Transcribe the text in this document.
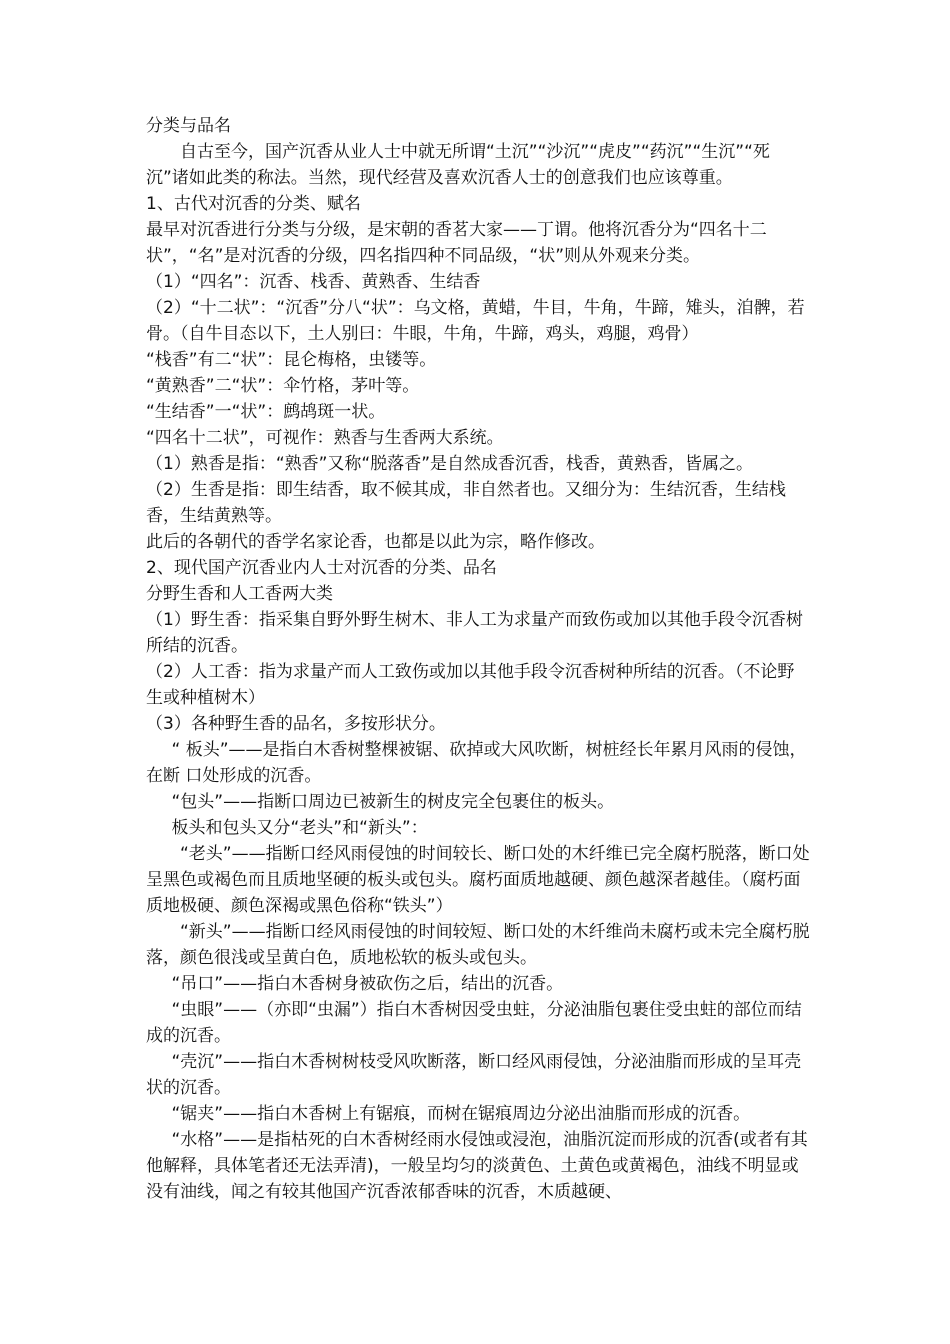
分类与品名

自古至今，国产沉香从业人士中就无所谓“土沉”“沙沉”“虎皮”“药沉”“生沉”“死沉”诸如此类的称法。当然，现代经营及喜欢沉香人士的创意我们也应该尊重。

1、古代对沉香的分类、赋名

最早对沉香进行分类与分级，是宋朝的香茗大家——丁谓。他将沉香分为“四名十二状”，“名”是对沉香的分级，四名指四种不同品级，“状”则从外观来分类。

（1）“四名”：沉香、栈香、黄熟香、生结香

（2）“十二状”：“沉香”分八“状”：乌文格，黄蜡，牛目，牛角，牛蹄，雉头，洎髀，若骨。（自牛目态以下，土人别曰：牛眼，牛角，牛蹄，鸡头，鸡腿，鸡骨）

“栈香”有二“状”：昆仑梅格，虫镂等。

“黄熟香”二“状”：伞竹格，茅叶等。

“生结香”一“状”：鹧鸪斑一状。

“四名十二状”，可视作：熟香与生香两大系统。

（1）熟香是指：“熟香”又称“脱落香”是自然成香沉香，栈香，黄熟香，皆属之。

（2）生香是指：即生结香，取不候其成，非自然者也。又细分为：生结沉香，生结栈香，生结黄熟等。

此后的各朝代的香学名家论香，也都是以此为宗，略作修改。

2、现代国产沉香业内人士对沉香的分类、品名

分野生香和人工香两大类

（1）野生香：指采集自野外野生树木、非人工为求量产而致伤或加以其他手段令沉香树所结的沉香。

（2）人工香：指为求量产而人工致伤或加以其他手段令沉香树种所结的沉香。（不论野生或种植树木）

（3）各种野生香的品名，多按形状分。

“ 板头”——是指白木香树整棵被锯、砍掉或大风吹断，树桩经长年累月风雨的侵蚀，在断 口处形成的沉香。

“包头”——指断口周边已被新生的树皮完全包裹住的板头。

板头和包头又分“老头”和“新头”：

“老头”——指断口经风雨侵蚀的时间较长、断口处的木纤维已完全腐朽脱落，断口处呈黑色或褐色而且质地坚硬的板头或包头。腐朽面质地越硬、颜色越深者越佳。（腐朽面质地极硬、颜色深褐或黑色俗称“铁头”）

“新头”——指断口经风雨侵蚀的时间较短、断口处的木纤维尚未腐朽或未完全腐朽脱落，颜色很浅或呈黄白色，质地松软的板头或包头。

“吊口”——指白木香树身被砍伤之后，结出的沉香。

“虫眼”——（亦即“虫漏”）指白木香树因受虫蛀，分泌油脂包裹住受虫蛀的部位而结成的沉香。

“壳沉”——指白木香树树枝受风吹断落，断口经风雨侵蚀，分泌油脂而形成的呈耳壳状的沉香。

“锯夹”——指白木香树上有锯痕，而树在锯痕周边分泌出油脂而形成的沉香。

“水格”——是指枯死的白木香树经雨水侵蚀或浸泡，油脂沉淀而形成的沉香(或者有其他解释，具体笔者还无法弄清)，一般呈均匀的淡黄色、土黄色或黄褐色，油线不明显或没有油线，闻之有较其他国产沉香浓郁香味的沉香，木质越硬、
